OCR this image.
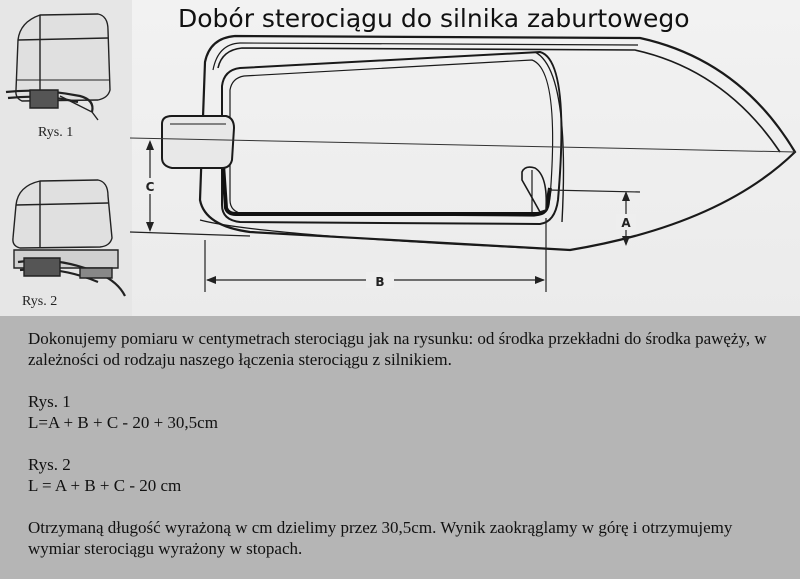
B
C
A
Dobór sterociągu do silnika zaburtowego
Rys. 1
Rys. 2

Dokonujemy pomiaru w centymetrach sterociągu jak na rysunku: od środka przekładni do środka pawęży, w zależności od rodzaju naszego łączenia sterociągu z silnikiem.

Rys. 1

L=A + B + C - 20 + 30,5cm

Rys. 2

L = A + B + C - 20 cm

Otrzymaną długość wyrażoną w cm dzielimy przez 30,5cm. Wynik zaokrąglamy w górę i otrzymujemy wymiar sterociągu wyrażony w stopach.
